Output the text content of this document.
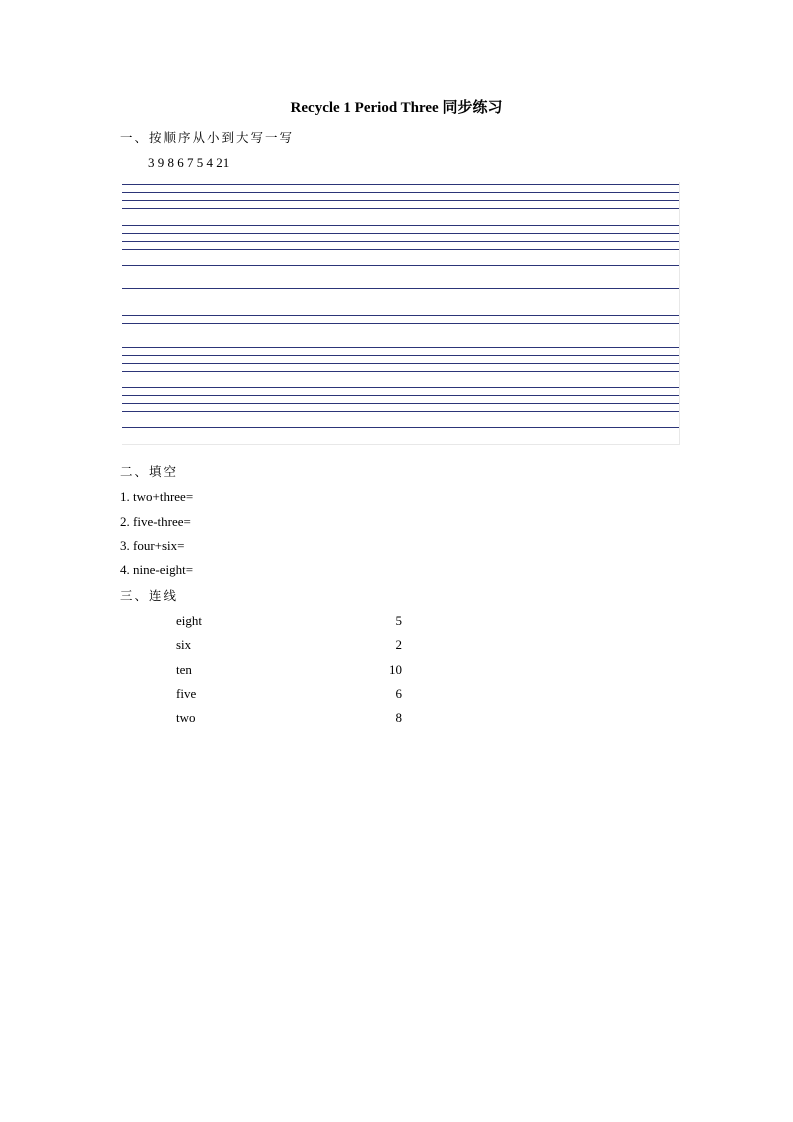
Recycle 1 Period Three 同步练习
一、按顺序从小到大写一写
3 9 8 6 7 5 4 21
二、填空
1. two+three=
2. five-three=
3. four+six=
4. nine-eight=
三、连线
eight
six
ten
five
two
5
2
10
6
8
